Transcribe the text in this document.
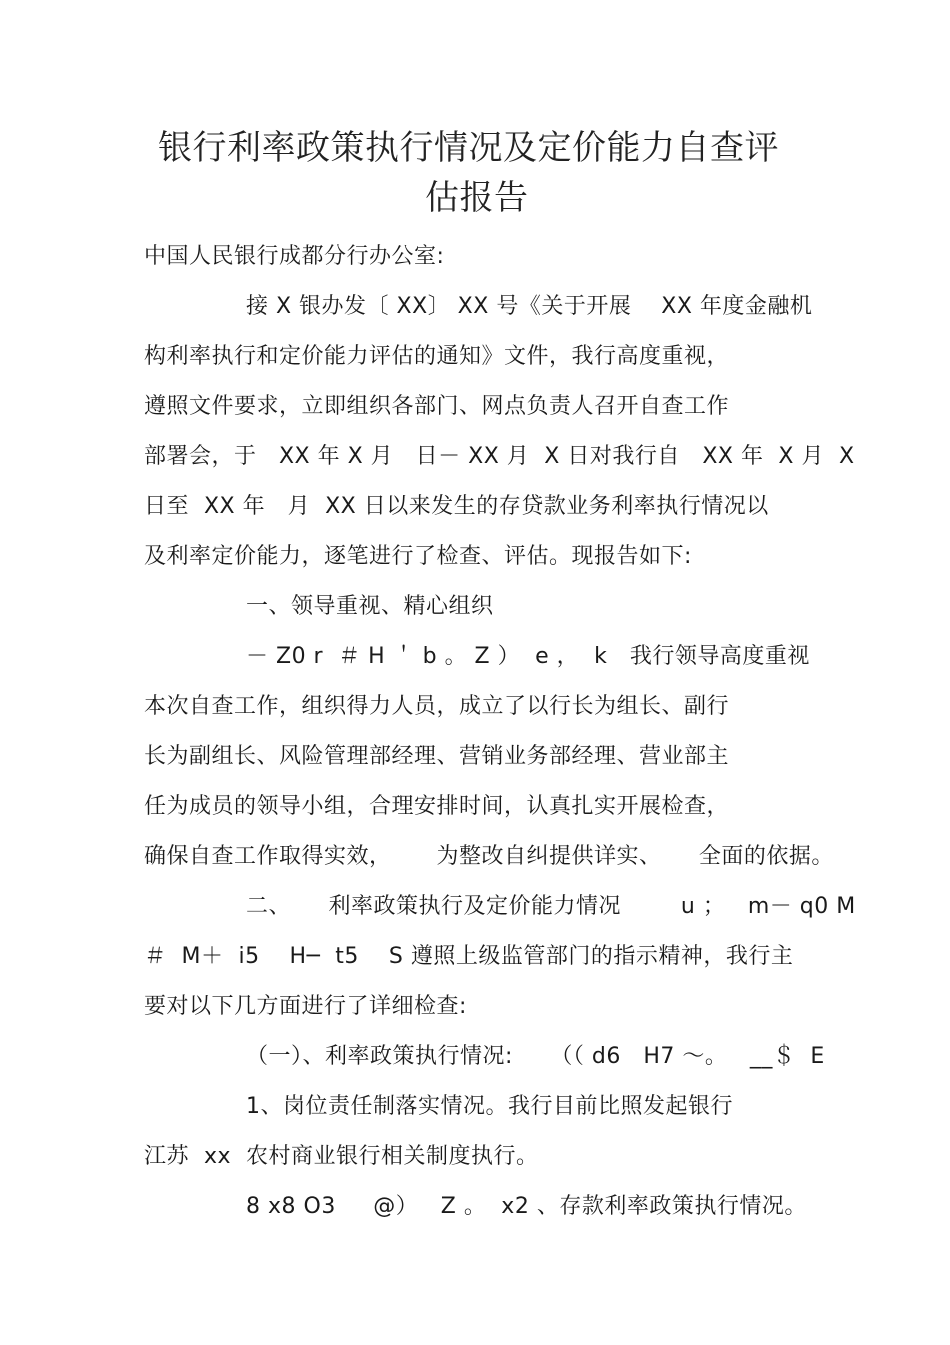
银行利率政策执行情况及定价能力自查评
估报告
中国人民银行成都分行办公室:
接 X 银办发〔 XX〕 XX 号《关于开展    XX 年度金融机
构利率执行和定价能力评估的通知》文件，我行高度重视，
遵照文件要求，立即组织各部门、网点负责人召开自查工作
部署会，于   XX 年 X 月   日－ XX 月  X 日对我行自   XX 年  X 月  X
日至  XX 年   月  XX 日以来发生的存贷款业务利率执行情况以
及利率定价能力，逐笔进行了检查、评估。现报告如下:
一、领导重视、精心组织
－ Z0 r  ＃ H ＇ b 。 Z ）  e ，  k   我行领导高度重视
本次自查工作，组织得力人员，成立了以行长为组长、副行
长为副组长、风险管理部经理、营销业务部经理、营业部主
任为成员的领导小组，合理安排时间，认真扎实开展检查，
确保自查工作取得实效，      为整改自纠提供详实、     全面的依据。
二、     利率政策执行及定价能力情况        u ；   m－ q0 M
＃  M＋  i5    H─  t5    S 遵照上级监管部门的指示精神，我行主
要对以下几方面进行了详细检查:
（一）、利率政策执行情况:     （（ d6   H7 ～。   __＄  E
1、岗位责任制落实情况。我行目前比照发起银行
江苏  xx  农村商业银行相关制度执行。
8 x8 O3     @）   Z 。  x2 、存款利率政策执行情况。
